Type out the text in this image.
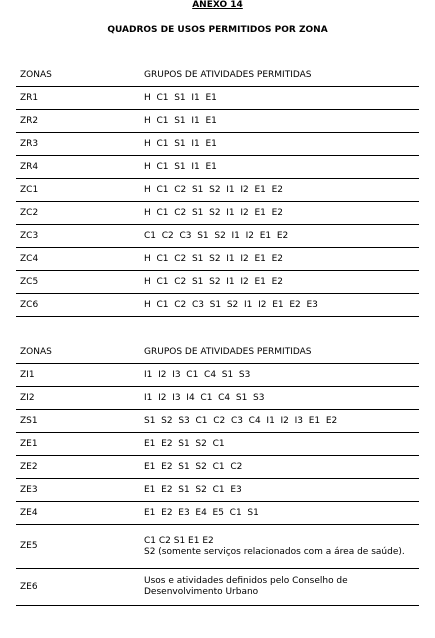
ANEXO 14
QUADROS DE USOS PERMITIDOS POR ZONA
ZONAS	GRUPOS DE ATIVIDADES PERMITIDAS
ZR1	H  C1  S1  I1  E1
ZR2	H  C1  S1  I1  E1
ZR3	H  C1  S1  I1  E1
ZR4	H  C1  S1  I1  E1
ZC1	H  C1  C2  S1  S2  I1  I2  E1  E2
ZC2	H  C1  C2  S1  S2  I1  I2  E1  E2
ZC3	C1  C2  C3  S1  S2  I1  I2  E1  E2
ZC4	H  C1  C2  S1  S2  I1  I2  E1  E2
ZC5	H  C1  C2  S1  S2  I1  I2  E1  E2
ZC6	H  C1  C2  C3  S1  S2  I1  I2  E1  E2  E3
ZONAS	GRUPOS DE ATIVIDADES PERMITIDAS
ZI1	I1  I2  I3  C1  C4  S1  S3
ZI2	I1  I2  I3  I4  C1  C4  S1  S3
ZS1	S1  S2  S3  C1  C2  C3  C4  I1  I2  I3  E1  E2
ZE1	E1  E2  S1  S2  C1
ZE2	E1  E2  S1  S2  C1  C2
ZE3	E1  E2  S1  S2  C1  E3
ZE4	E1  E2  E3  E4  E5  C1  S1
ZE5	C1 C2 S1 E1 E2
S2 (somente serviços relacionados com a área de saúde).

ZE6	Usos e atividades definidos pelo Conselho de
Desenvolvimento Urbano
